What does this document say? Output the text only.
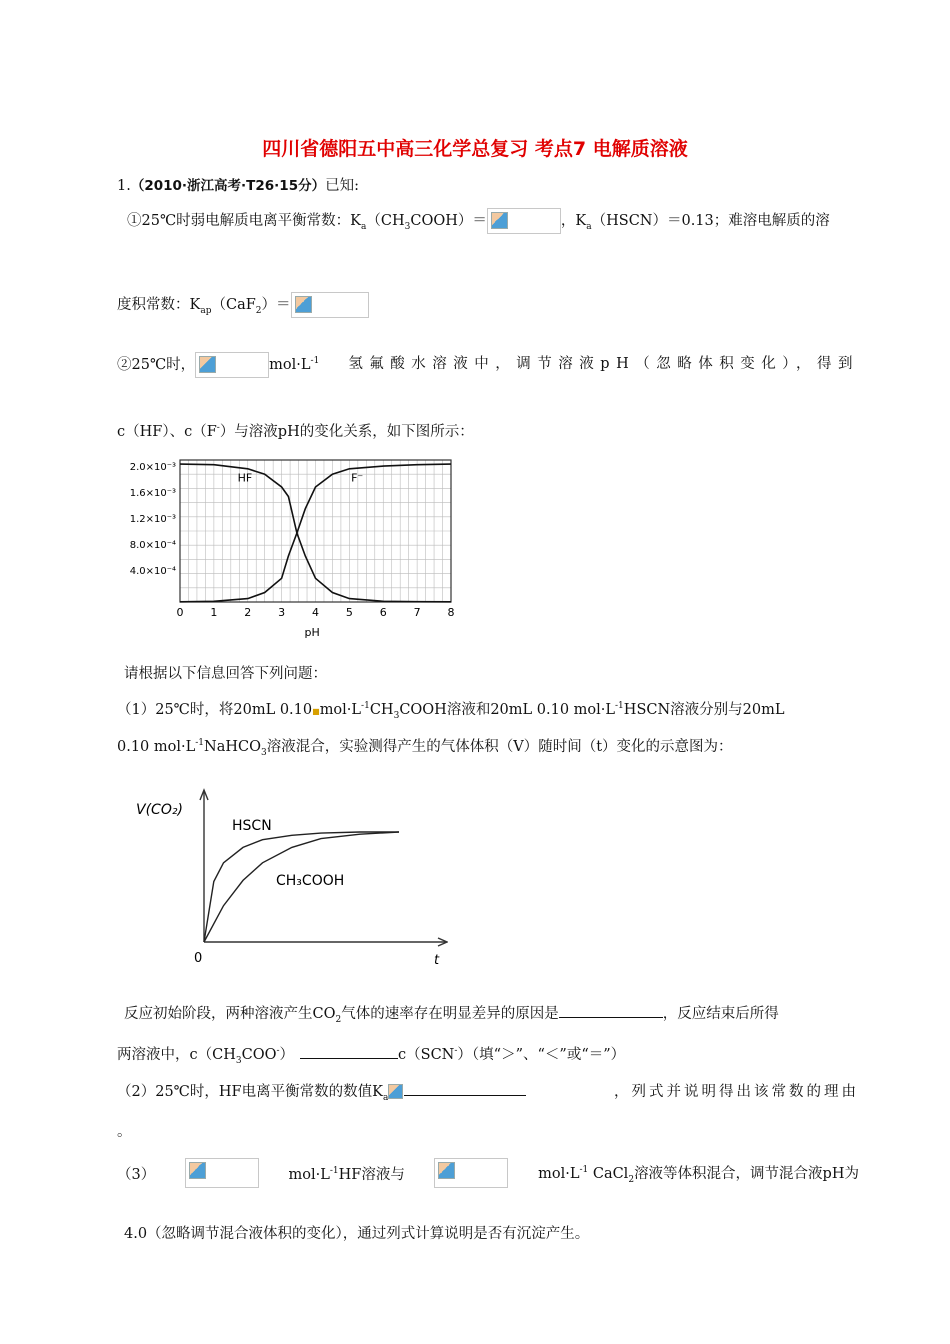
四川省德阳五中高三化学总复习 考点7 电解质溶液
1.（2010·浙江高考·T26·15分）已知:
①25℃时弱电解质电离平衡常数：$K_a(CH_3COOH)=$	，$K_a(HSCN)=0.13$；难溶电解质的溶
度积常数：$K_{ap}(CaF_2)=$
②25℃时，	$mol\cdot L^{-1}$ 氢氟酸水溶液中，调节溶液pH（忽略体积变化），得到
c（HF）、c（F-）与溶液pH的变化关系，如下图所示：
2.0×10⁻³
1.6×10⁻³
1.2×10⁻³
8.0×10⁻⁴
4.0×10⁻⁴
0 1 2 3 4 5 6 7 8
pH
HF	F⁻
请根据以下信息回答下列问题：
（1）25℃时，将20mL $0.10■mol\cdot L^{-1}CH_3COOH$溶液和20mL 0.10 $mol\cdot L^{-1}HSCN$溶液分别与20mL
0.10 $mol\cdot L^{-1}NaHCO_3$溶液混合，实验测得产生的气体体积（V）随时间（t）变化的示意图为：
V(CO₂)
t
0
HSCN
CH₃COOH
反应初始阶段，两种溶液产生$CO_2$气体的速率存在明显差异的原因是	，反应结束后所得
两溶液中，$c(CH_3COO^-)$	c（SCN-）（填“＞”、“＜”或“＝”）
（2）25℃时，HF电离平衡常数的数值$K_a$	，列式并说明得出该常数的理由
。
（3）	$mol\cdot L^{-1}HF$溶液与	$mol\cdot L^{-1}$ CaCl$_2$溶液等体积混合，调节混合液pH为
4.0（忽略调节混合液体积的变化），通过列式计算说明是否有沉淀产生。
